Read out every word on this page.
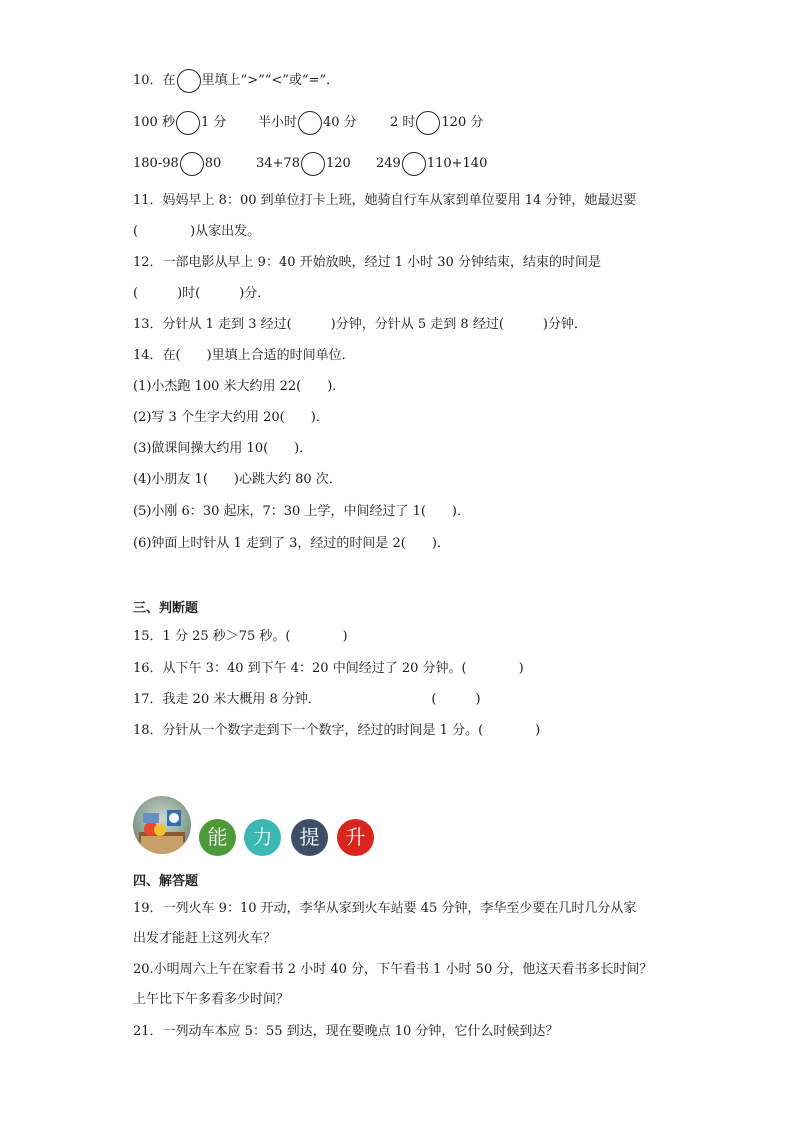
10．在 里填上“>”“<”或“=”．
100 秒 1 分 半小时 40 分	2 时 120 分
180-98 80	34+78 120 249 110+140
11．妈妈早上 8：00 到单位打卡上班，她骑自行车从家到单位要用 14 分钟，她最迟要
(　　　　)从家出发。
12．一部电影从早上 9：40 开始放映，经过 1 小时 30 分钟结束，结束的时间是
(　　　)时(　　　)分．
13．分针从 1 走到 3 经过(　　　)分钟，分针从 5 走到 8 经过(　　　)分钟．
14．在(　　)里填上合适的时间单位．
(1)小杰跑 100 米大约用 22(　　)．
(2)写 3 个生字大约用 20(　　)．
(3)做课间操大约用 10(　　)．
(4)小朋友 1(　　)心跳大约 80 次．
(5)小刚 6：30 起床，7：30 上学，中间经过了 1(　　)．
(6)钟面上时针从 1 走到了 3，经过的时间是 2(　　)．
三、判断题
15．1 分 25 秒＞75 秒。(　　　　)
16．从下午 3：40 到下午 4：20 中间经过了 20 分钟。(　　　　)
17．我走 20 米大概用 8 分钟．　　　　　　　　　(　　　)
18．分针从一个数字走到下一个数字，经过的时间是 1 分。(　　　　)
能	力	提	升
四、解答题
19．一列火车 9：10 开动，李华从家到火车站要 45 分钟，李华至少要在几时几分从家
出发才能赶上这列火车？
20.小明周六上午在家看书 2 小时 40 分，下午看书 1 小时 50 分，他这天看书多长时间？
上午比下午多看多少时间？
21．一列动车本应 5：55 到达，现在要晚点 10 分钟，它什么时候到达？
